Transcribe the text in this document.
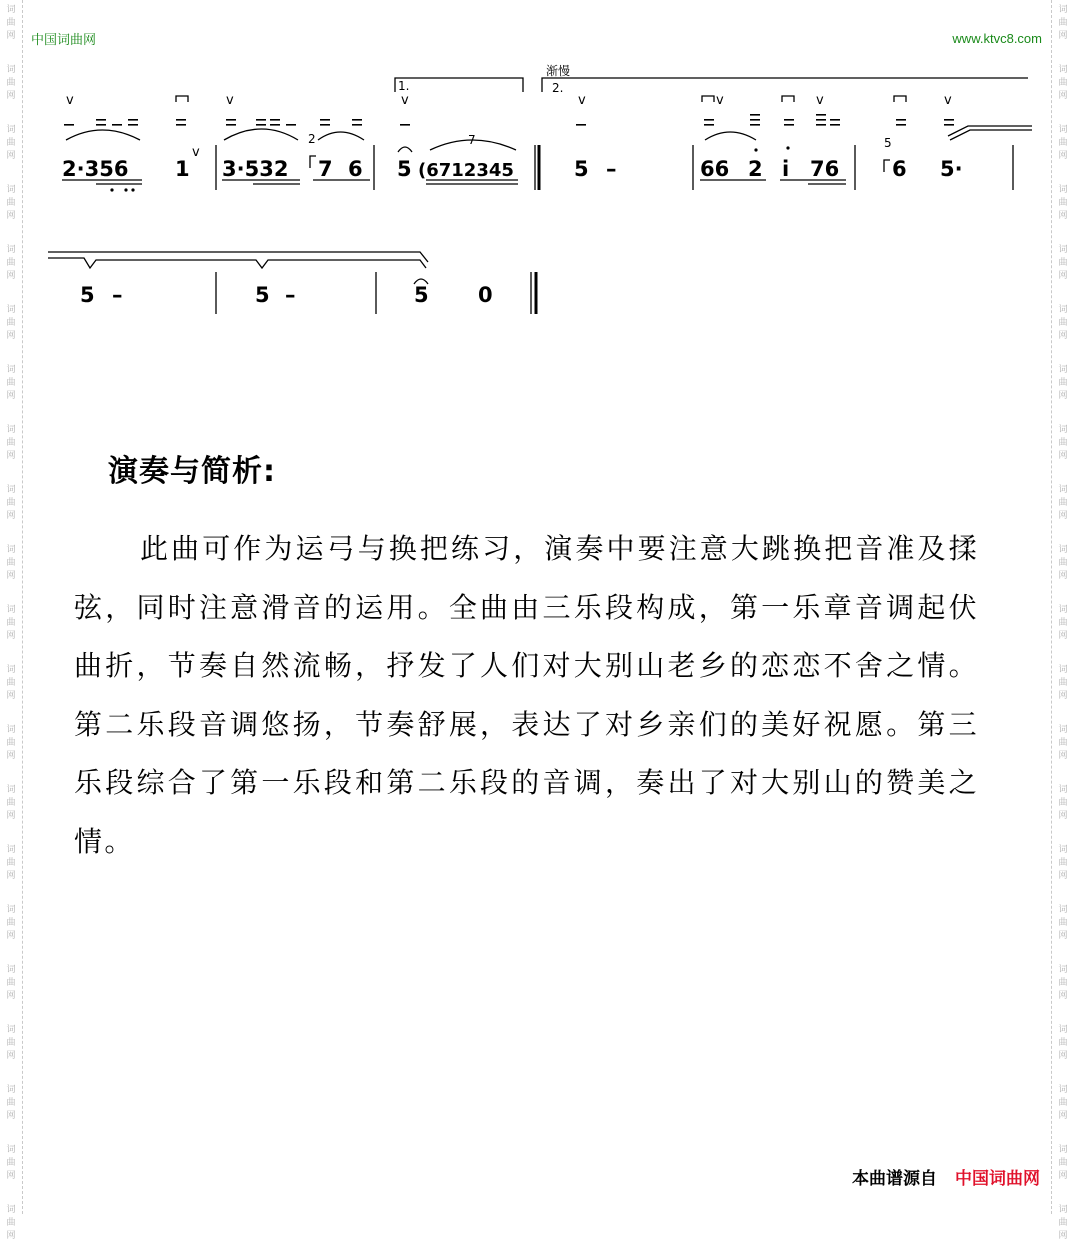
词
曲
网
词
曲
网
词
曲
网
词
曲
网
词
曲
网
词
曲
网
词
曲
网
词
曲
网
词
曲
网
词
曲
网
词
曲
网
词
曲
网
词
曲
网
词
曲
网
词
曲
网
词
曲
网
词
曲
网
词
曲
网
词
曲
网
词
曲
网
词
曲
网
词
曲
网
词
曲
网
词
曲
网
词
曲
网
词
曲
网
词
曲
网
词
曲
网
词
曲
网
词
曲
网
词
曲
网
词
曲
网
词
曲
网
词
曲
网
词
曲
网
词
曲
网
词
曲
网
词
曲
网
词
曲
网
词
曲
网
词
曲
网
词
曲
网
中国词曲网	www.ktvc8.com
v	v	v	v	v	v	v
v
渐慢
1.	2.
2	5
7
2·356 1 3·532 7 6 5 (6712345	5 –	66 2 i 76	6 5·
5 –	5 –	5 0
演奏与简析:
此曲可作为运弓与换把练习，演奏中要注意大跳换把音准及揉弦，同时注意滑音的运用。全曲由三乐段构成，第一乐章音调起伏曲折，节奏自然流畅，抒发了人们对大别山老乡的恋恋不舍之情。第二乐段音调悠扬，节奏舒展，表达了对乡亲们的美好祝愿。第三乐段综合了第一乐段和第二乐段的音调，奏出了对大别山的赞美之情。
本曲谱源自 中国词曲网
